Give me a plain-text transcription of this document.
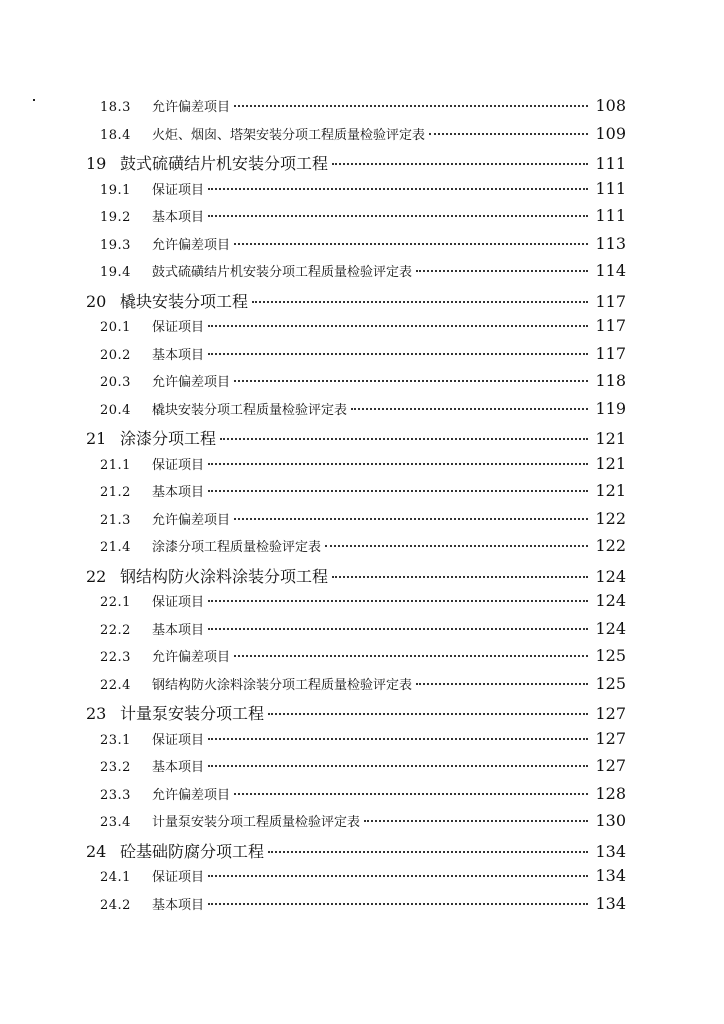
18.3	允许偏差项目	108
18.4	火炬、烟囱、塔架安装分项工程质量检验评定表	109
19 鼓式硫磺结片机安装分项工程	111
19.1	保证项目	111
19.2	基本项目	111
19.3	允许偏差项目	113
19.4	鼓式硫磺结片机安装分项工程质量检验评定表	114
20 橇块安装分项工程	117
20.1	保证项目	117
20.2	基本项目	117
20.3	允许偏差项目	118
20.4	橇块安装分项工程质量检验评定表	119
21 涂漆分项工程	121
21.1	保证项目	121
21.2	基本项目	121
21.3	允许偏差项目	122
21.4	涂漆分项工程质量检验评定表	122
22 钢结构防火涂料涂装分项工程	124
22.1	保证项目	124
22.2	基本项目	124
22.3	允许偏差项目	125
22.4	钢结构防火涂料涂装分项工程质量检验评定表	125
23 计量泵安装分项工程	127
23.1	保证项目	127
23.2	基本项目	127
23.3	允许偏差项目	128
23.4	计量泵安装分项工程质量检验评定表	130
24 砼基础防腐分项工程	134
24.1	保证项目	134
24.2	基本项目	134
